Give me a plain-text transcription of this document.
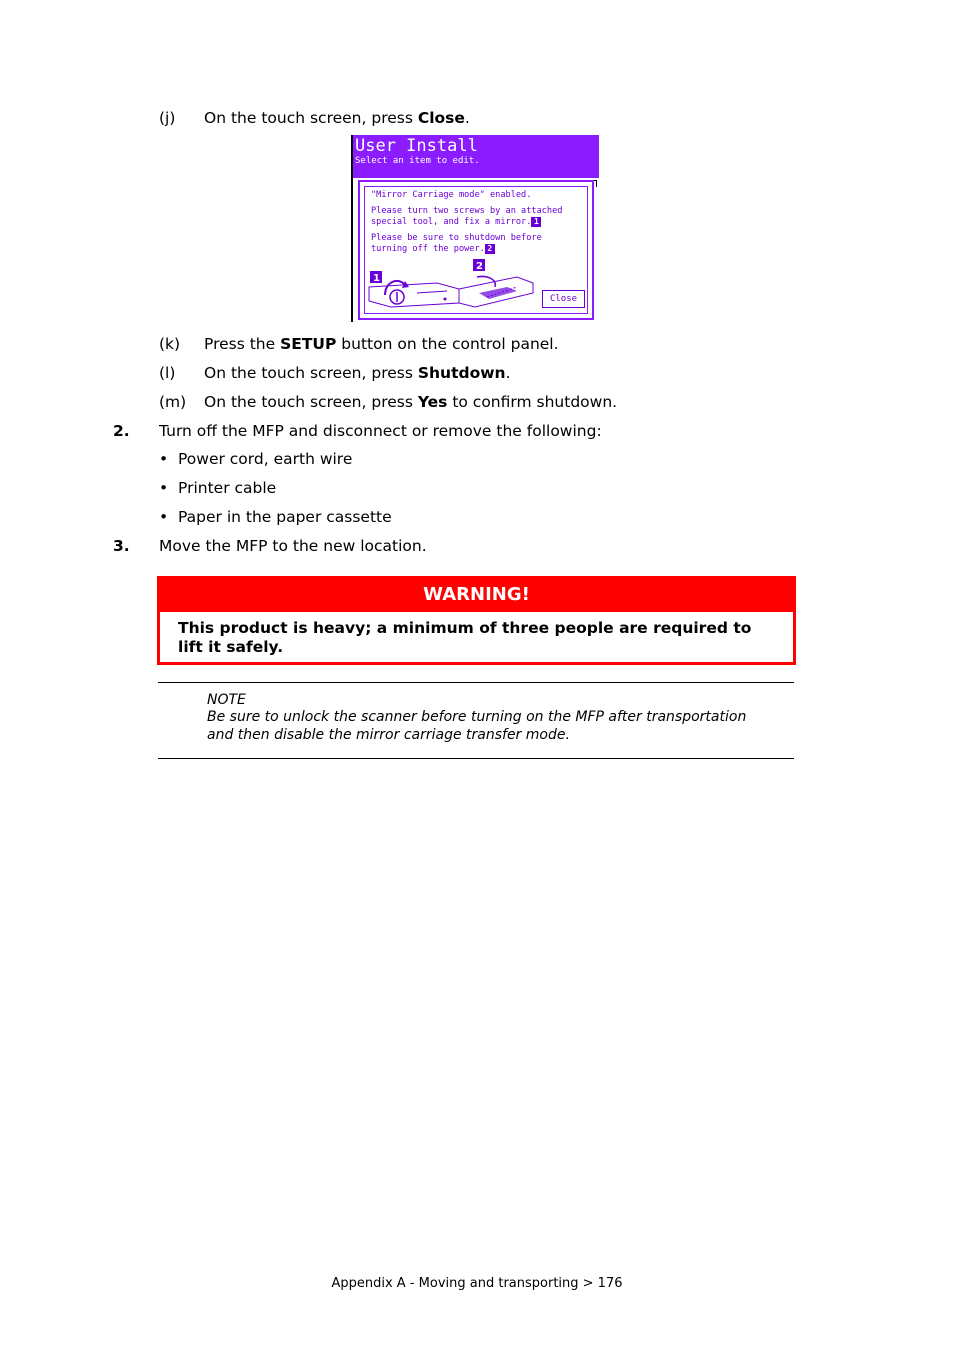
(j) On the touch screen, press Close.
User Install
Select an item to edit.
"Mirror Carriage mode" enabled.
Please turn two screws by an attached
special tool, and fix a mirror. 1
Please be sure to shutdown before
turning off the power. 2
1
2
Close
(k) Press the SETUP button on the control panel.
(l) On the touch screen, press Shutdown.
(m) On the touch screen, press Yes to confirm shutdown.
2. Turn off the MFP and disconnect or remove the following:
•  Power cord, earth wire
•  Printer cable
•  Paper in the paper cassette
3. Move the MFP to the new location.
WARNING!
This product is heavy; a minimum of three people are required to
lift it safely.
NOTE
Be sure to unlock the scanner before turning on the MFP after transportation
and then disable the mirror carriage transfer mode.
Appendix A - Moving and transporting > 176
